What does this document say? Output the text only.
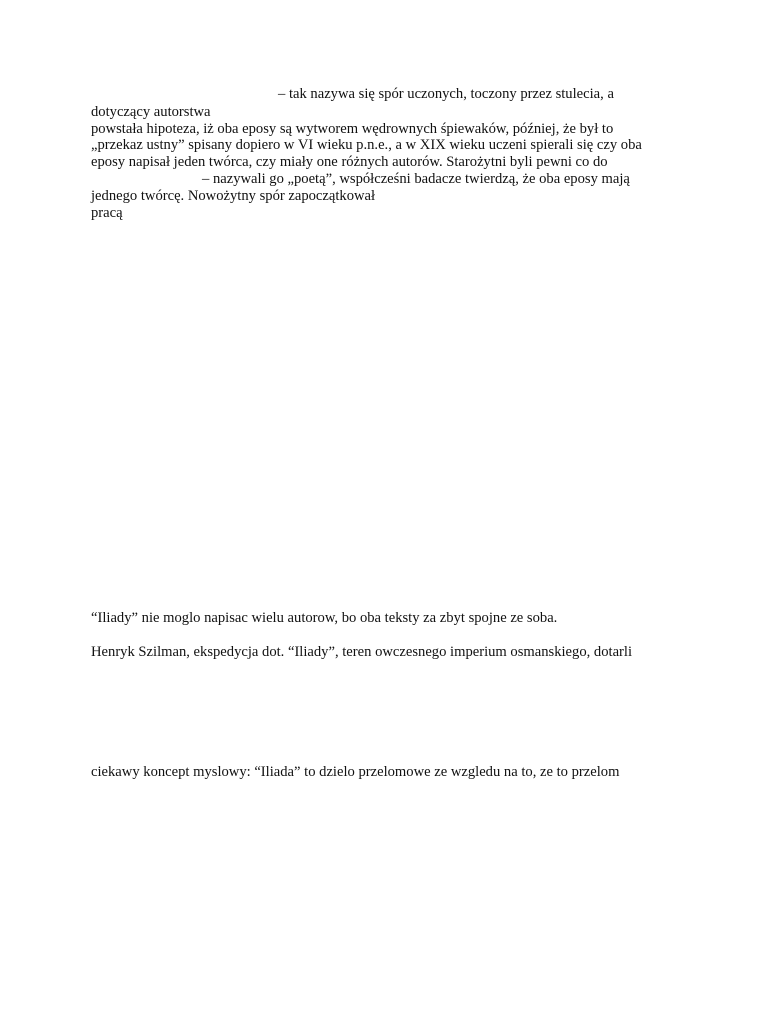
– tak nazywa się spór uczonych, toczony przez stulecia, a
dotyczący autorstwa
powstała hipoteza, iż oba eposy są wytworem wędrownych śpiewaków, później, że był to
„przekaz ustny” spisany dopiero w VI wieku p.n.e., a w XIX wieku uczeni spierali się czy oba
eposy napisał jeden twórca, czy miały one różnych autorów. Starożytni byli pewni co do
– nazywali go „poetą”, współcześni badacze twierdzą, że oba eposy mają
jednego twórcę. Nowożytny spór zapoczątkował
pracą
“Iliady” nie moglo napisac wielu autorow, bo oba teksty za zbyt spojne ze soba.
Henryk Szilman, ekspedycja dot. “Iliady”, teren owczesnego imperium osmanskiego, dotarli
ciekawy koncept myslowy: “Iliada” to dzielo przelomowe ze wzgledu na to, ze to przelom
